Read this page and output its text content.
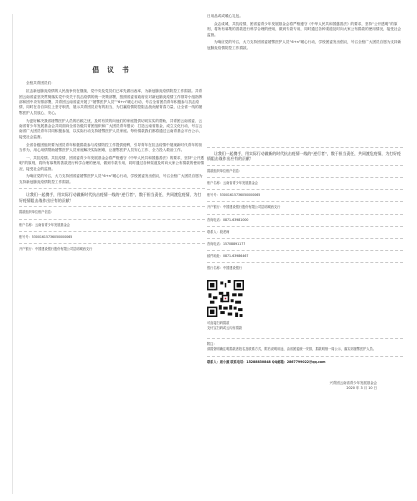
倡 议 书

全校共青团员们：

抗击新冠肺炎疫情的人民战争仍在继续，党中央及党员们已率先做出表率，为新冠肺炎疫情防控工作捐款。共青团云南省委坚决贯彻落实党中央关于抗击疫情的统一决策部署，按照省委省政府应对新冠肺炎疫情工作领导小组指挥部和团中央安排部署，共青团云南省委开展了“援鄂医护人员”“6+n”暖心行动，号召全省团员青年积极参与抗击疫情，同时在各自岗位上坚守职责，展示共青团员应有的担当，为打赢疫情防控阻击战贡献青春力量，让全省一线的援鄂医护人员放心、安心。

为更好解决我省援鄂医护人员的后顾之忧，及时有效的向他们的家庭提供切切实实的帮助，共青团云南省委、云南省青少年发展基金会共同面向全省各级共青团组织和广大团员青年倡议：打造云南省基金，成立文化行动，号召云南省广大团员青年共同积极参加，以实际行动支持援鄂医护人员家庭。每份捐款我们都将通过云南青基会平台公示，接受社会监督。

全省各级团组织要为团员青年积极捐款参与疫情防控工作提供便利，引导青年在抗击疫情中展现新时代青年的担当作为，用心用情帮助援鄂医护人员家庭解决实际困难，让援鄂医护人员安心工作、全力投入救治工作。

一、共抗疫情。共抗疫情，团省委青少年发展基金会将严格遵守《中华人民共和国慈善法》的要求，坚持“公开透明”的原则，将所有募集的善款进行科学合理的使用，做到专款专用，同时通过各种渠道及时向大家公布捐款的使用情况，接受社会的监督。

为响应党的号召，大力支持团省委援鄂医护人员“6+n”暖心行动，学校团委发出倡议，号召全校广大团员自愿为支持新冠肺炎疫情防控工作捐款。

让我们一起携手，用实际行动做新时代抗击疫情一线的“逆行者”，散于担当责任，共同渡危疫情，为打好疫情阻击战作出应有的贡献！

捐款组织单位账户信息：
账户名称：云南省青少年发展基金会
账号号：53001615736050000065
开户银行：中国建设银行股份有限公司昆明城西支行

日用品或或暖心礼包。

众志成城，共抗疫情，团省委青少年发展基金会将严格遵守《中华人民共和国慈善法》的要求，坚持“公开透明”的原则，将所有募集的善款进行科学合理的使用，做到专款专用，同时通过各种渠道及时向大家公布捐款的使用情况，接受社会监督。

为响应党的号召，大力支持团省委援鄂医护人员“6+n”暖心行动，学校团委发出倡议，号召全校广大团员自愿为支持新冠肺炎疫情防控工作捐款。

让我们一起携手，用实际行动做新的时代抗击疫情一线的“逆行者”，散于担当责任，共同渡危疫情，为打好疫情阻击战作出应有的贡献！

捐款组织单位账户信息：
账户名称：云南省青少年发展基金会
账号号：53001615736050000065
开户银行：中国建设银行股份有限公司昆明城西支行
咨询电话：0871-63981000
联系人：段老师
咨询电话：15708891177
邮件地址：0871-63986467
银行名称：中国建设银行
可直接扫码捐款
支付宝扫码或云闪付捐款
附注：
请捐资明确注明捐款者姓名及联系方式，附后说明用途，由省团委统一安排，捐款明细一周公示，落实到援鄂医护人员。
联系人：周小源 联系电话：15288830848 QQ邮箱：2867799022@qq.com
兴青团云南省青少年发展基金会
2020 年 3 月 10 日
